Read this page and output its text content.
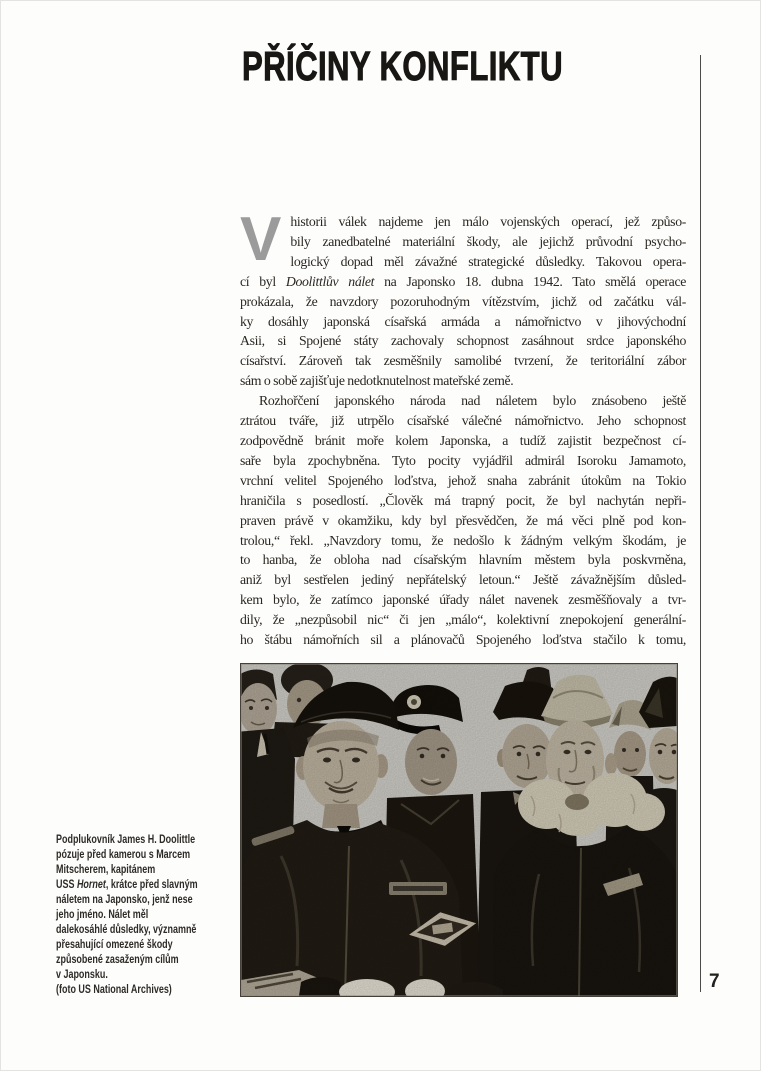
PŘÍČINY KONFLIKTU
V historii válek najdeme jen málo vojenských operací, jež způso-
bily zanedbatelné materiální škody, ale jejichž průvodní psycho-
logický dopad měl závažné strategické důsledky. Takovou opera-
cí byl Doolittlův nálet na Japonsko 18. dubna 1942. Tato smělá operace
prokázala, že navzdory pozoruhodným vítězstvím, jichž od začátku vál-
ky dosáhly japonská císařská armáda a námořnictvo v jihovýchodní
Asii, si Spojené státy zachovaly schopnost zasáhnout srdce japonského
císařství. Zároveň tak zesměšnily samolibé tvrzení, že teritoriální zábor
sám o sobě zajišťuje nedotknutelnost mateřské země.
Rozhořčení japonského národa nad náletem bylo znásobeno ještě
ztrátou tváře, již utrpělo císařské válečné námořnictvo. Jeho schopnost
zodpovědně bránit moře kolem Japonska, a tudíž zajistit bezpečnost cí-
saře byla zpochybněna. Tyto pocity vyjádřil admirál Isoroku Jamamoto,
vrchní velitel Spojeného loďstva, jehož snaha zabránit útokům na Tokio
hraničila s posedlostí. „Člověk má trapný pocit, že byl nachytán nepři-
praven právě v okamžiku, kdy byl přesvědčen, že má věci plně pod kon-
trolou,“ řekl. „Navzdory tomu, že nedošlo k žádným velkým škodám, je
to hanba, že obloha nad císařským hlavním městem byla poskvrněna,
aniž byl sestřelen jediný nepřátelský letoun.“ Ještě závažnějším důsled-
kem bylo, že zatímco japonské úřady nálet navenek zesměšňovaly a tvr-
dily, že „nezpůsobil nic“ či jen „málo“, kolektivní znepokojení generální-
ho štábu námořních sil a plánovačů Spojeného loďstva stačilo k tomu,
Podplukovník James H. Doolittle
pózuje před kamerou s Marcem
Mitscherem, kapitánem
USS Hornet, krátce před slavným
náletem na Japonsko, jenž nese
jeho jméno. Nálet měl
dalekosáhlé důsledky, významně
přesahující omezené škody
způsobené zasaženým cílům
v Japonsku.
(foto US National Archives)	7
